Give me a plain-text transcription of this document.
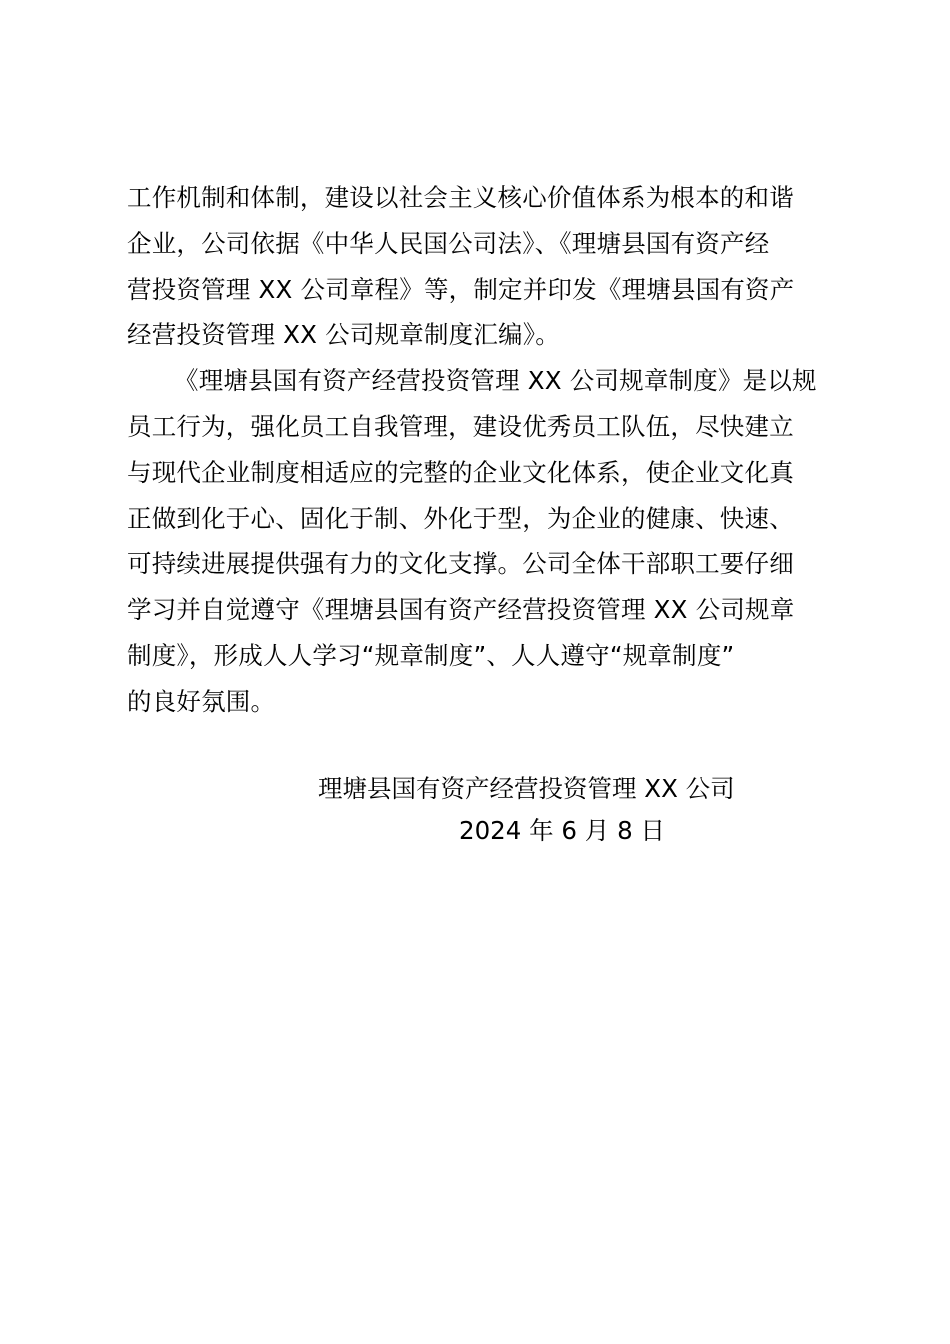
工作机制和体制，建设以社会主义核心价值体系为根本的和谐
企业，公司依据《中华人民国公司法》、《理塘县国有资产经
营投资管理 XX 公司章程》等，制定并印发《理塘县国有资产
经营投资管理 XX 公司规章制度汇编》。

《理塘县国有资产经营投资管理 XX 公司规章制度》是以规
员工行为，强化员工自我管理，建设优秀员工队伍，尽快建立
与现代企业制度相适应的完整的企业文化体系，使企业文化真
正做到化于心、固化于制、外化于型，为企业的健康、快速、
可持续进展提供强有力的文化支撑。公司全体干部职工要仔细
学习并自觉遵守《理塘县国有资产经营投资管理 XX 公司规章
制度》，形成人人学习“规章制度”、人人遵守“规章制度”
的良好氛围。

理塘县国有资产经营投资管理 XX 公司
2024 年 6 月 8 日
